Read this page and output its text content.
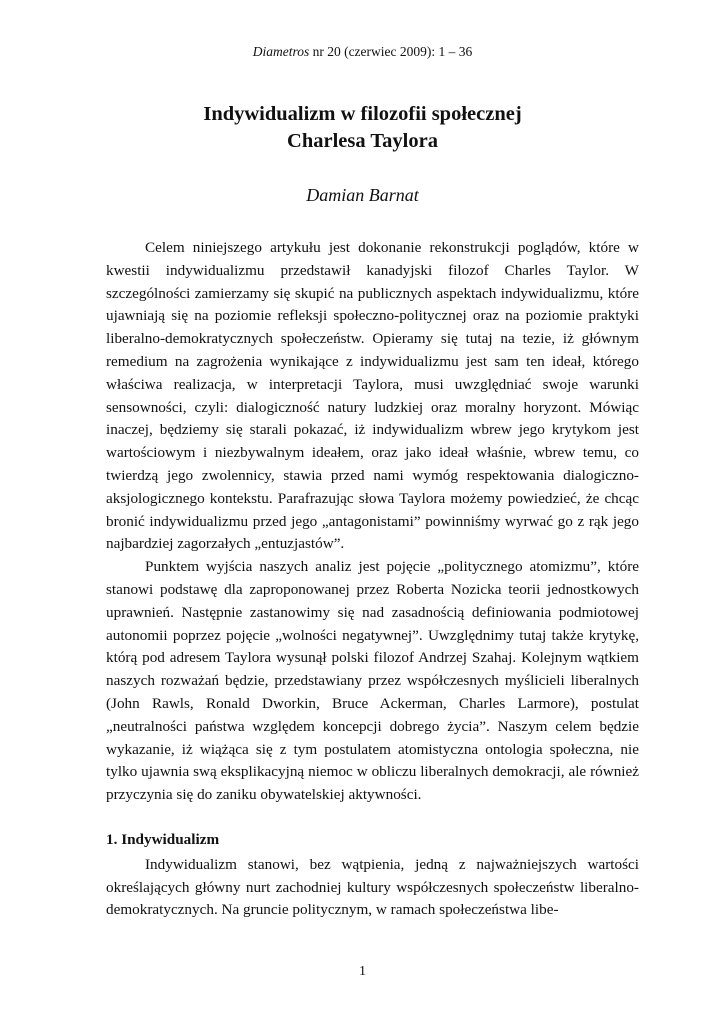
Diametros nr 20 (czerwiec 2009): 1 – 36
Indywidualizm w filozofii społecznej
Charlesa Taylora
Damian Barnat

Celem niniejszego artykułu jest dokonanie rekonstrukcji poglądów, które w kwestii indywidualizmu przedstawił kanadyjski filozof Charles Taylor. W szczególności zamierzamy się skupić na publicznych aspektach indywidualizmu, które ujawniają się na poziomie refleksji społeczno-politycznej oraz na poziomie praktyki liberalno-demokratycznych społeczeństw. Opieramy się tutaj na tezie, iż głównym remedium na zagrożenia wynikające z indywidualizmu jest sam ten ideał, którego właściwa realizacja, w interpretacji Taylora, musi uwzględniać swoje warunki sensowności, czyli: dialogiczność natury ludzkiej oraz moralny horyzont. Mówiąc inaczej, będziemy się starali pokazać, iż indywidualizm wbrew jego krytykom jest wartościowym i niezbywalnym ideałem, oraz jako ideał właśnie, wbrew temu, co twierdzą jego zwolennicy, stawia przed nami wymóg respektowania dialogiczno-aksjologicznego kontekstu. Parafrazując słowa Taylora możemy powiedzieć, że chcąc bronić indywidualizmu przed jego „antagonistami” powinniśmy wyrwać go z rąk jego najbardziej zagorzałych „entuzjastów”.

Punktem wyjścia naszych analiz jest pojęcie „politycznego atomizmu”, które stanowi podstawę dla zaproponowanej przez Roberta Nozicka teorii jednostkowych uprawnień. Następnie zastanowimy się nad zasadnością definiowania podmiotowej autonomii poprzez pojęcie „wolności negatywnej”. Uwzględnimy tutaj także krytykę, którą pod adresem Taylora wysunął polski filozof Andrzej Szahaj. Kolejnym wątkiem naszych rozważań będzie, przedstawiany przez współczesnych myślicieli liberalnych (John Rawls, Ronald Dworkin, Bruce Ackerman, Charles Larmore), postulat „neutralności państwa względem koncepcji dobrego życia”. Naszym celem będzie wykazanie, iż wiążąca się z tym postulatem atomistyczna ontologia społeczna, nie tylko ujawnia swą eksplikacyjną niemoc w obliczu liberalnych demokracji, ale również przyczynia się do zaniku obywatelskiej aktywności.

1. Indywidualizm

Indywidualizm stanowi, bez wątpienia, jedną z najważniejszych wartości określających główny nurt zachodniej kultury współczesnych społeczeństw liberalno-demokratycznych. Na gruncie politycznym, w ramach społeczeństwa libe-

1
